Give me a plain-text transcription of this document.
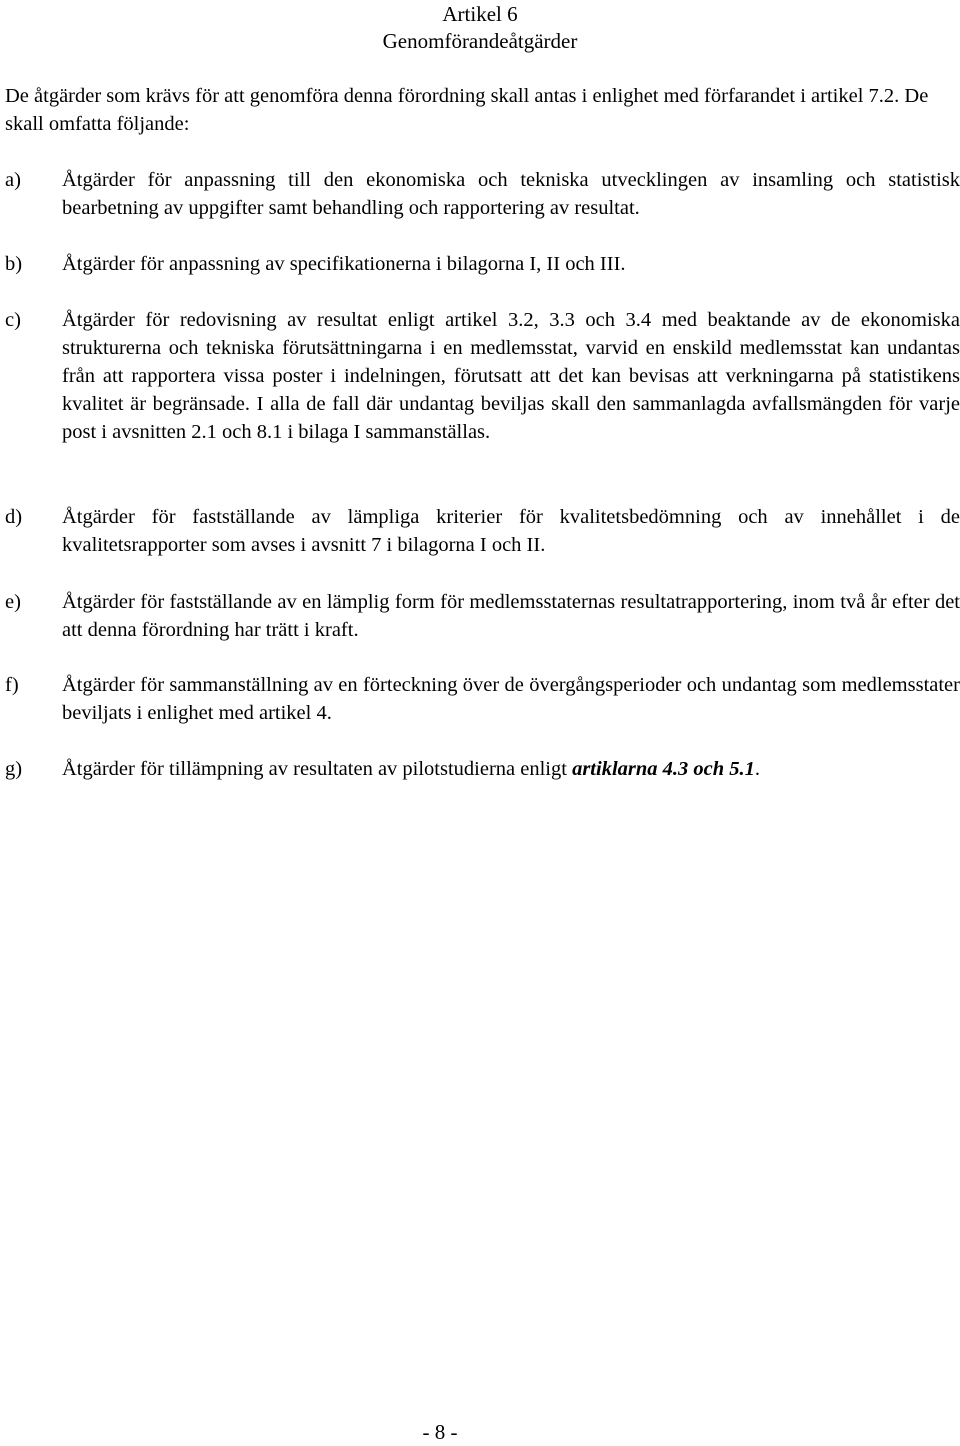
Artikel 6

Genomförandeåtgärder

De åtgärder som krävs för att genomföra denna förordning skall antas i enlighet med förfarandet i artikel 7.2. De skall omfatta följande:

a)	Åtgärder för anpassning till den ekonomiska och tekniska utvecklingen av insamling och statistisk bearbetning av uppgifter samt behandling och rapportering av resultat.
b)	Åtgärder för anpassning av specifikationerna i bilagorna I, II och III.
c)	Åtgärder för redovisning av resultat enligt artikel 3.2, 3.3 och 3.4 med beaktande av de ekonomiska strukturerna och tekniska förutsättningarna i en medlemsstat, varvid en enskild medlemsstat kan undantas från att rapportera vissa poster i indelningen, förutsatt att det kan bevisas att verkningarna på statistikens kvalitet är begränsade. I alla de fall där undantag beviljas skall den sammanlagda avfallsmängden för varje post i avsnitten 2.1 och 8.1 i bilaga I sammanställas.
d)	Åtgärder för fastställande av lämpliga kriterier för kvalitetsbedömning och av innehållet i de kvalitetsrapporter som avses i avsnitt 7 i bilagorna I och II.
e)	Åtgärder för fastställande av en lämplig form för medlemsstaternas resultatrapportering, inom två år efter det att denna förordning har trätt i kraft.
f)	Åtgärder för sammanställning av en förteckning över de övergångsperioder och undantag som medlemsstater beviljats i enlighet med artikel 4.
g)	Åtgärder för tillämpning av resultaten av pilotstudierna enligt artiklarna 4.3 och 5.1.

- 8 -
